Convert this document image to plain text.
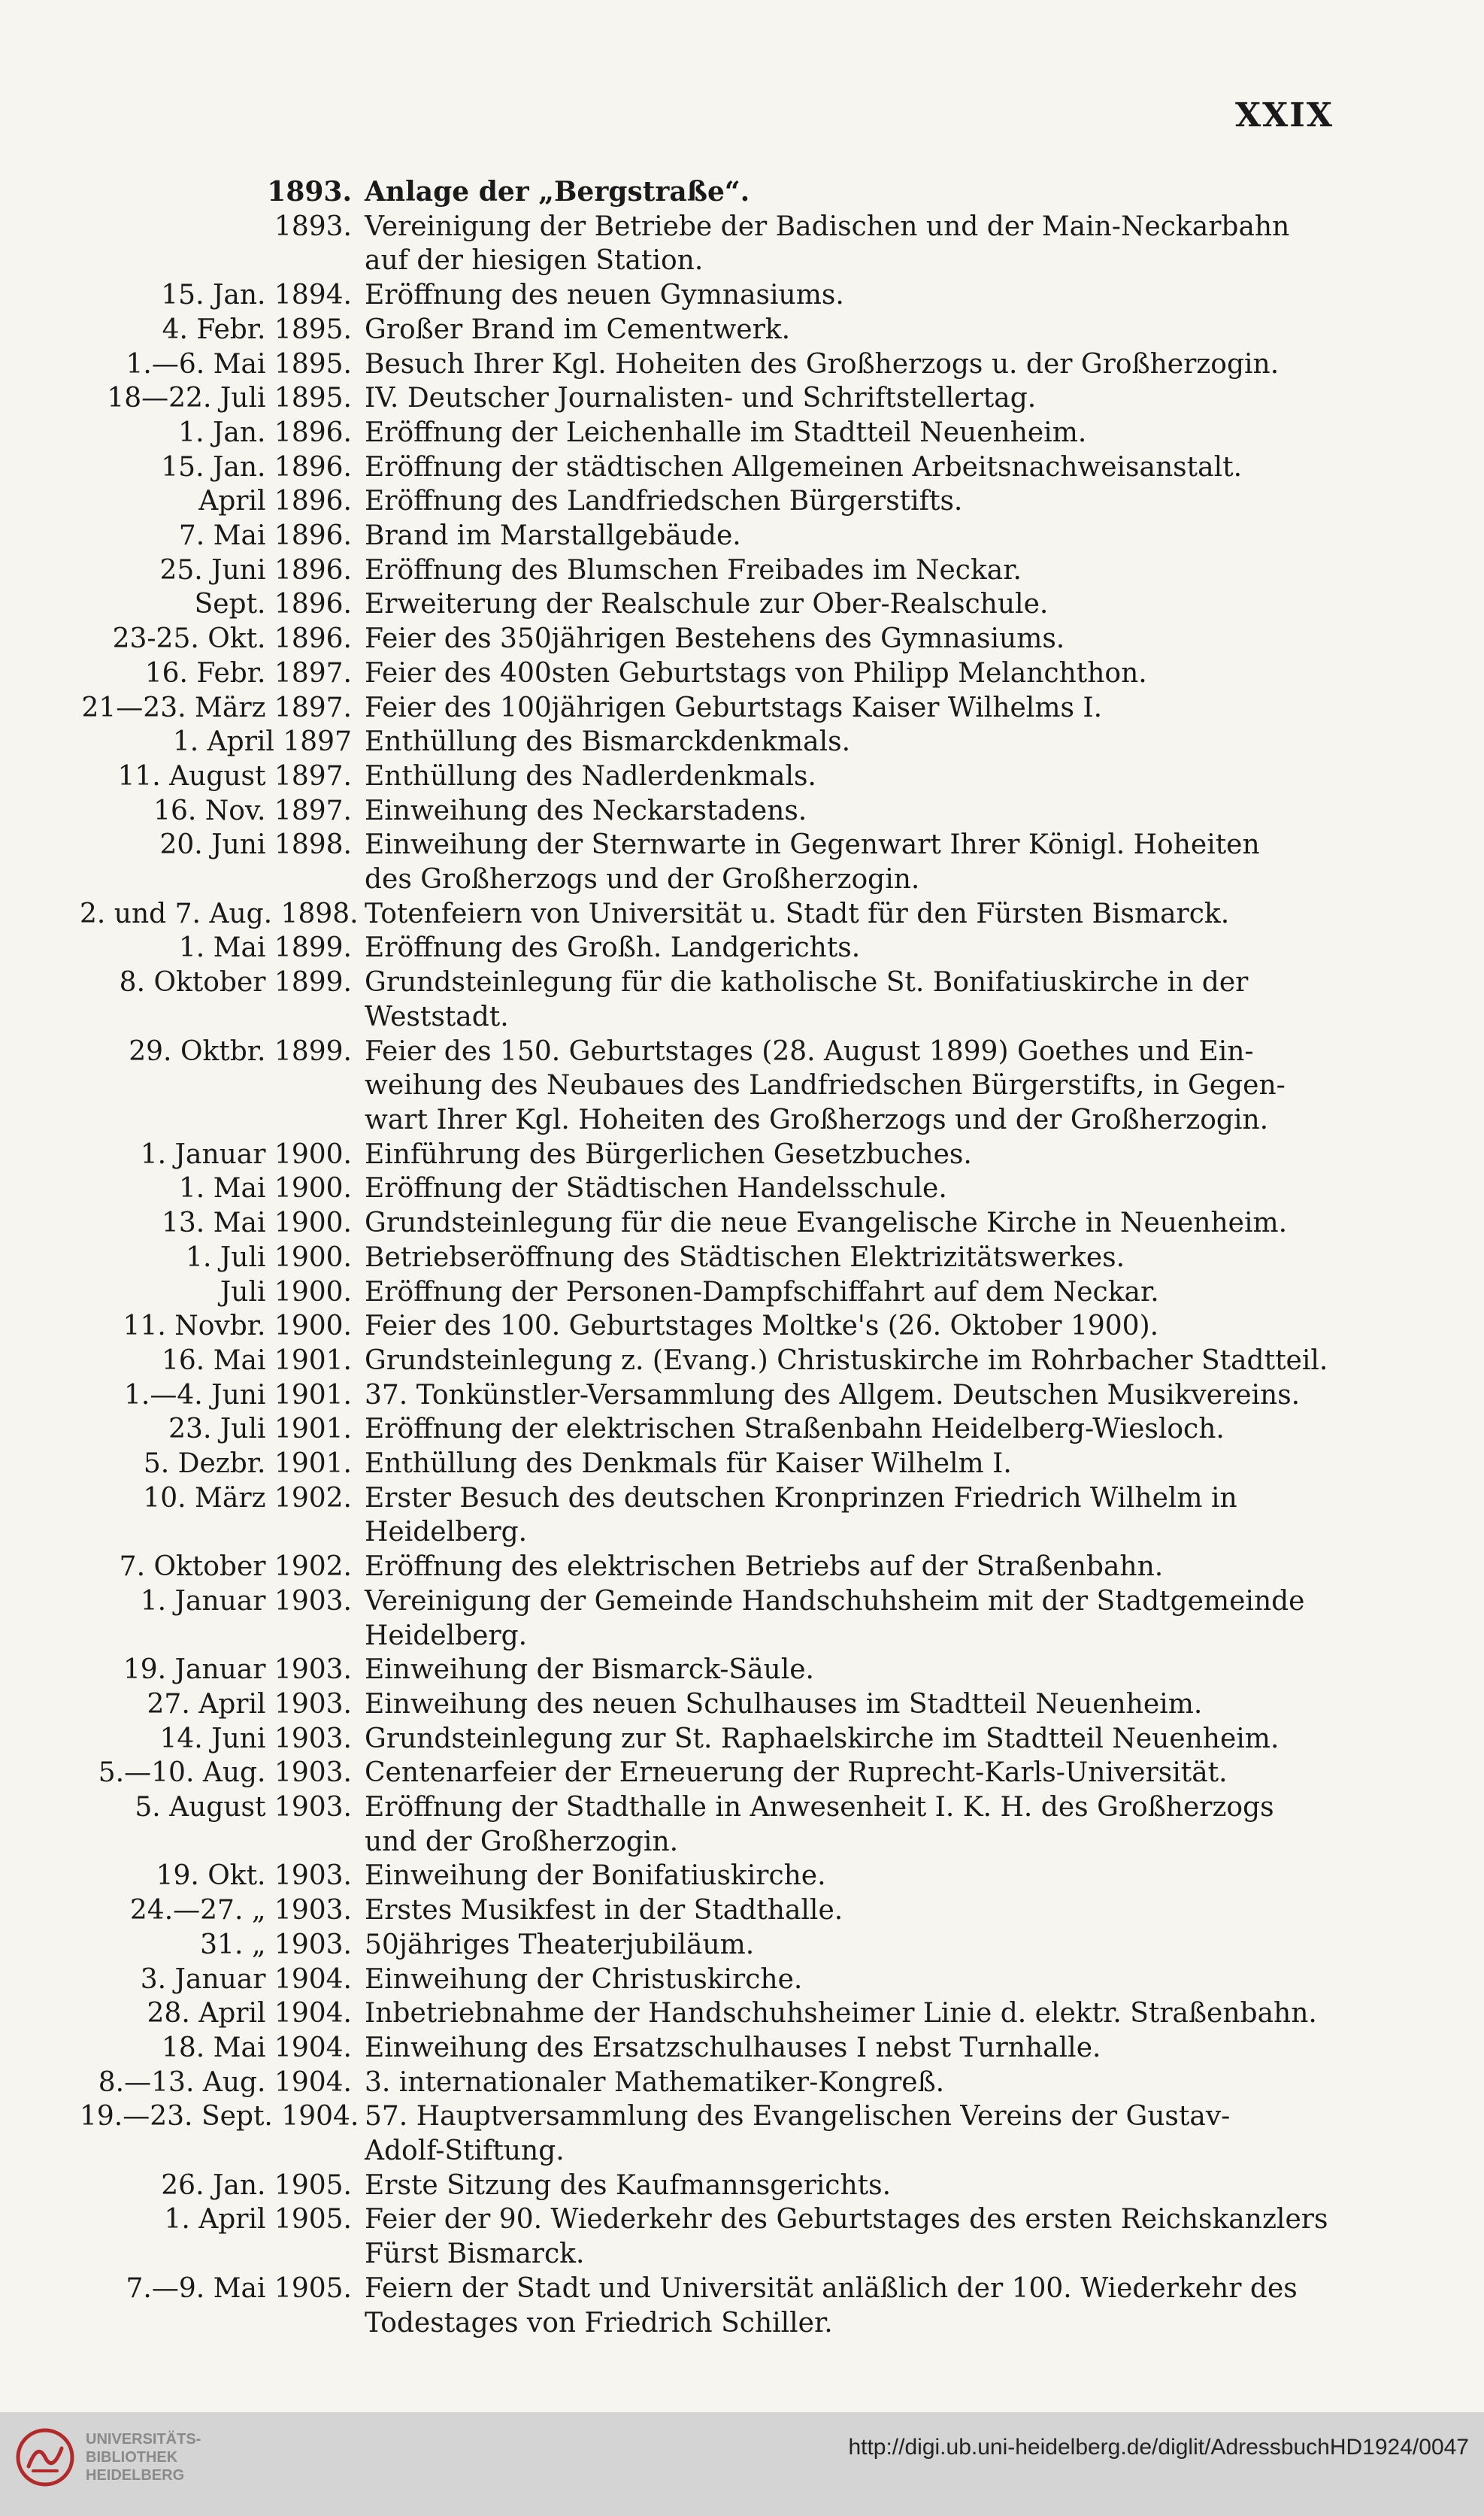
XXIX
1893. Anlage der „Bergstraße“.
1893. Vereinigung der Betriebe der Badischen und der Main-Neckarbahn
auf der hiesigen Station.
15. Jan. 1894. Eröffnung des neuen Gymnasiums.
4. Febr. 1895. Großer Brand im Cementwerk.
1.—6. Mai 1895. Besuch Ihrer Kgl. Hoheiten des Großherzogs u. der Großherzogin.
18—22. Juli 1895. IV. Deutscher Journalisten- und Schriftstellertag.
1. Jan. 1896. Eröffnung der Leichenhalle im Stadtteil Neuenheim.
15. Jan. 1896. Eröffnung der städtischen Allgemeinen Arbeitsnachweisanstalt.
April 1896. Eröffnung des Landfriedschen Bürgerstifts.
7. Mai 1896. Brand im Marstallgebäude.
25. Juni 1896. Eröffnung des Blumschen Freibades im Neckar.
Sept. 1896. Erweiterung der Realschule zur Ober-Realschule.
23-25. Okt. 1896. Feier des 350jährigen Bestehens des Gymnasiums.
16. Febr. 1897. Feier des 400sten Geburtstags von Philipp Melanchthon.
21—23. März 1897. Feier des 100jährigen Geburtstags Kaiser Wilhelms I.
1. April 1897 Enthüllung des Bismarckdenkmals.
11. August 1897. Enthüllung des Nadlerdenkmals.
16. Nov. 1897. Einweihung des Neckarstadens.
20. Juni 1898. Einweihung der Sternwarte in Gegenwart Ihrer Königl. Hoheiten
des Großherzogs und der Großherzogin.
2. und 7. Aug. 1898. Totenfeiern von Universität u. Stadt für den Fürsten Bismarck.
1. Mai 1899. Eröffnung des Großh. Landgerichts.
8. Oktober 1899. Grundsteinlegung für die katholische St. Bonifatiuskirche in der
Weststadt.
29. Oktbr. 1899. Feier des 150. Geburtstages (28. August 1899) Goethes und Ein-
weihung des Neubaues des Landfriedschen Bürgerstifts, in Gegen-
wart Ihrer Kgl. Hoheiten des Großherzogs und der Großherzogin.
1. Januar 1900. Einführung des Bürgerlichen Gesetzbuches.
1. Mai 1900. Eröffnung der Städtischen Handelsschule.
13. Mai 1900. Grundsteinlegung für die neue Evangelische Kirche in Neuenheim.
1. Juli 1900. Betriebseröffnung des Städtischen Elektrizitätswerkes.
Juli 1900. Eröffnung der Personen-Dampfschiffahrt auf dem Neckar.
11. Novbr. 1900. Feier des 100. Geburtstages Moltke's (26. Oktober 1900).
16. Mai 1901. Grundsteinlegung z. (Evang.) Christuskirche im Rohrbacher Stadtteil.
1.—4. Juni 1901. 37. Tonkünstler-Versammlung des Allgem. Deutschen Musikvereins.
23. Juli 1901. Eröffnung der elektrischen Straßenbahn Heidelberg-Wiesloch.
5. Dezbr. 1901. Enthüllung des Denkmals für Kaiser Wilhelm I.
10. März 1902. Erster Besuch des deutschen Kronprinzen Friedrich Wilhelm in
Heidelberg.
7. Oktober 1902. Eröffnung des elektrischen Betriebs auf der Straßenbahn.
1. Januar 1903. Vereinigung der Gemeinde Handschuhsheim mit der Stadtgemeinde
Heidelberg.
19. Januar 1903. Einweihung der Bismarck-Säule.
27. April 1903. Einweihung des neuen Schulhauses im Stadtteil Neuenheim.
14. Juni 1903. Grundsteinlegung zur St. Raphaelskirche im Stadtteil Neuenheim.
5.—10. Aug. 1903. Centenarfeier der Erneuerung der Ruprecht-Karls-Universität.
5. August 1903. Eröffnung der Stadthalle in Anwesenheit I. K. H. des Großherzogs
und der Großherzogin.
19. Okt. 1903. Einweihung der Bonifatiuskirche.
24.—27. „ 1903. Erstes Musikfest in der Stadthalle.
31. „ 1903. 50jähriges Theaterjubiläum.
3. Januar 1904. Einweihung der Christuskirche.
28. April 1904. Inbetriebnahme der Handschuhsheimer Linie d. elektr. Straßenbahn.
18. Mai 1904. Einweihung des Ersatzschulhauses I nebst Turnhalle.
8.—13. Aug. 1904. 3. internationaler Mathematiker-Kongreß.
19.—23. Sept. 1904. 57. Hauptversammlung des Evangelischen Vereins der Gustav-
Adolf-Stiftung.
26. Jan. 1905. Erste Sitzung des Kaufmannsgerichts.
1. April 1905. Feier der 90. Wiederkehr des Geburtstages des ersten Reichskanzlers
Fürst Bismarck.
7.—9. Mai 1905. Feiern der Stadt und Universität anläßlich der 100. Wiederkehr des
Todestages von Friedrich Schiller.
UNIVERSITÄTS-
BIBLIOTHEK
HEIDELBERG
http://digi.ub.uni-heidelberg.de/diglit/AdressbuchHD1924/0047
